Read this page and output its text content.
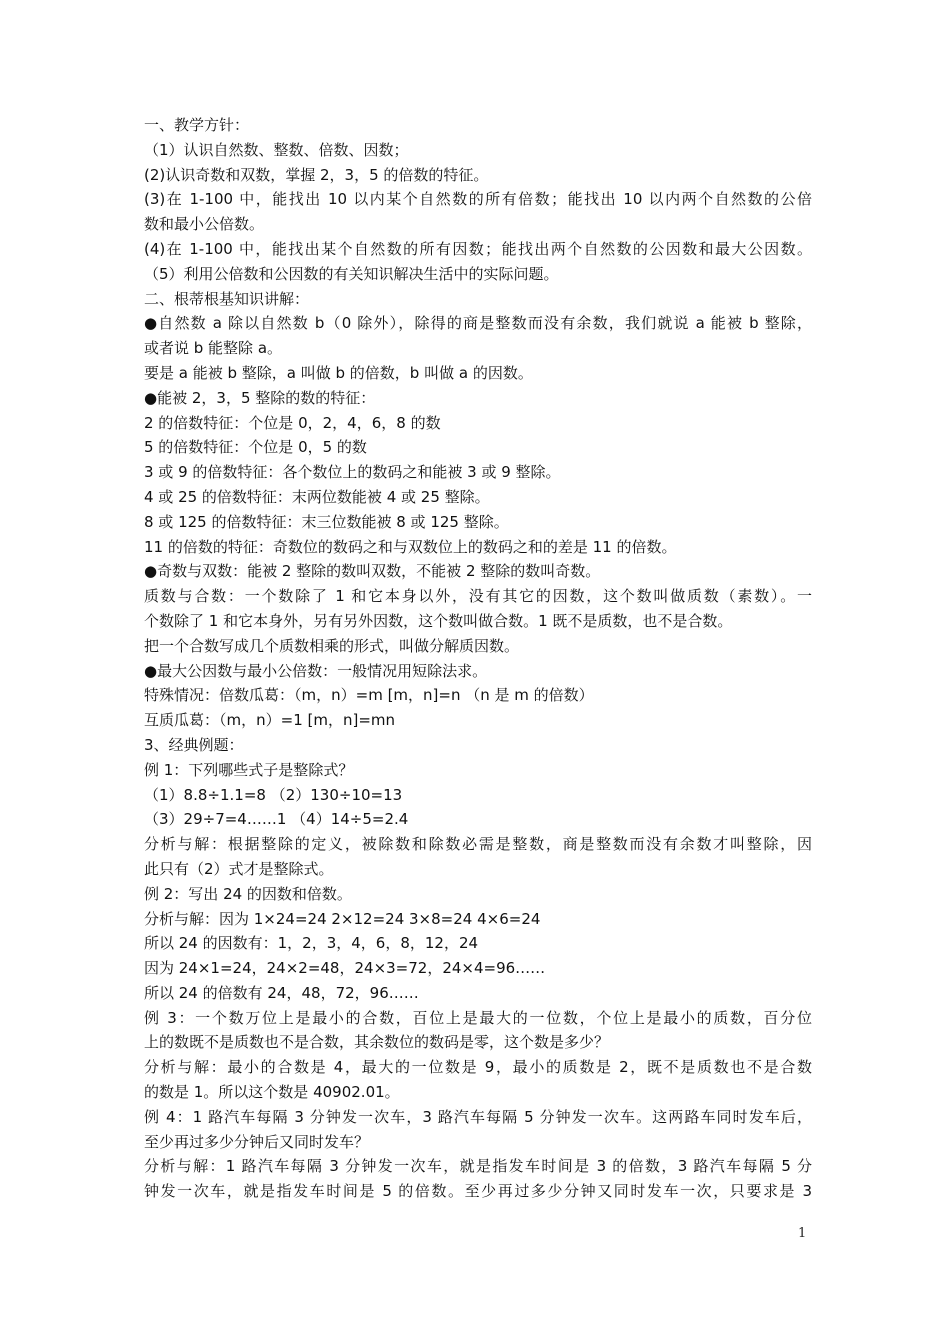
一、教学方针：
（1）认识自然数、整数、倍数、因数；
(2)认识奇数和双数，掌握 2，3，5 的倍数的特征。
(3)在 1-100 中，能找出 10 以内某个自然数的所有倍数；能找出 10 以内两个自然数的公倍
数和最小公倍数。
(4)在 1-100 中，能找出某个自然数的所有因数；能找出两个自然数的公因数和最大公因数。
（5）利用公倍数和公因数的有关知识解决生活中的实际问题。
二、根蒂根基知识讲解：
●自然数 a 除以自然数 b（0 除外），除得的商是整数而没有余数，我们就说 a 能被 b 整除，
或者说 b 能整除 a。
要是 a 能被 b 整除，a 叫做 b 的倍数，b 叫做 a 的因数。
●能被 2，3，5 整除的数的特征：
2 的倍数特征：个位是 0，2，4，6，8 的数
5 的倍数特征：个位是 0，5 的数
3 或 9 的倍数特征：各个数位上的数码之和能被 3 或 9 整除。
4 或 25 的倍数特征：末两位数能被 4 或 25 整除。
8 或 125 的倍数特征：末三位数能被 8 或 125 整除。
11 的倍数的特征：奇数位的数码之和与双数位上的数码之和的差是 11 的倍数。
●奇数与双数：能被 2 整除的数叫双数，不能被 2 整除的数叫奇数。
质数与合数：一个数除了 1 和它本身以外，没有其它的因数，这个数叫做质数（素数）。一
个数除了 1 和它本身外，另有另外因数，这个数叫做合数。1 既不是质数，也不是合数。
把一个合数写成几个质数相乘的形式，叫做分解质因数。
●最大公因数与最小公倍数：一般情况用短除法求。
特殊情况：倍数瓜葛：（m，n）=m [m，n]=n （n 是 m 的倍数）
互质瓜葛：（m，n）=1 [m，n]=mn
3、经典例题：
例 1：下列哪些式子是整除式？
（1）8.8÷1.1=8 （2）130÷10=13
（3）29÷7=4……1 （4）14÷5=2.4
分析与解：根据整除的定义，被除数和除数必需是整数，商是整数而没有余数才叫整除，因
此只有（2）式才是整除式。
例 2：写出 24 的因数和倍数。
分析与解：因为 1×24=24 2×12=24 3×8=24 4×6=24
所以 24 的因数有：1，2，3，4，6，8，12，24
因为 24×1=24，24×2=48，24×3=72，24×4=96……
所以 24 的倍数有 24，48，72，96……
例 3：一个数万位上是最小的合数，百位上是最大的一位数，个位上是最小的质数，百分位
上的数既不是质数也不是合数，其余数位的数码是零，这个数是多少？
分析与解：最小的合数是 4，最大的一位数是 9，最小的质数是 2，既不是质数也不是合数
的数是 1。所以这个数是 40902.01。
例 4：1 路汽车每隔 3 分钟发一次车，3 路汽车每隔 5 分钟发一次车。这两路车同时发车后，
至少再过多少分钟后又同时发车？
分析与解：1 路汽车每隔 3 分钟发一次车，就是指发车时间是 3 的倍数，3 路汽车每隔 5 分
钟发一次车，就是指发车时间是 5 的倍数。至少再过多少分钟又同时发车一次，只要求是 3
1
